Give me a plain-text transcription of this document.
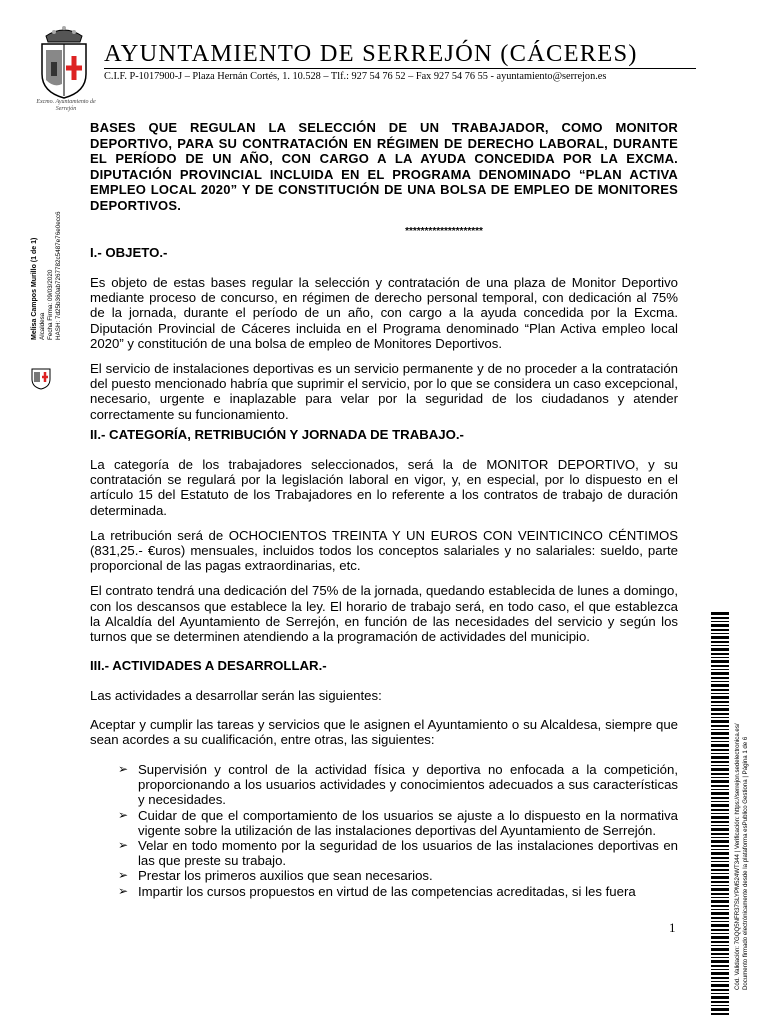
Excmo. Ayuntamiento de Serrejón
AYUNTAMIENTO DE SERREJÓN (CÁCERES)
C.I.F. P-1017900-J – Plaza Hernán Cortés, 1. 10.528 – Tlf.: 927 54 76 52 – Fax 927 54 76 55 - ayuntamiento@serrejon.es
Melisa Campos Murillo (1 de 1) Alcaldesa Fecha Firma: 09/03/2020 HASH: 7d25b360ab7267782c5487e76e0ecc6
Cód. Validación: 7GQQ5NFR37SLYPM524WT344 | Verificación: https://serrejon.sedelectronica.es/ Documento firmado electrónicamente desde la plataforma esPublico Gestiona | Página 1 de 6

BASES QUE REGULAN LA SELECCIÓN DE UN TRABAJADOR, COMO MONITOR DEPORTIVO, PARA SU CONTRATACIÓN EN RÉGIMEN DE DERECHO LABORAL, DURANTE EL PERÍODO DE UN AÑO, CON CARGO A LA AYUDA CONCEDIDA POR LA EXCMA. DIPUTACIÓN PROVINCIAL INCLUIDA EN EL PROGRAMA DENOMINADO “PLAN ACTIVA EMPLEO LOCAL 2020” Y DE CONSTITUCIÓN DE UNA BOLSA DE EMPLEO DE MONITORES DEPORTIVOS.

********************

I.- OBJETO.-

Es objeto de estas bases regular la selección y contratación de una plaza de Monitor Deportivo mediante proceso de concurso, en régimen de derecho personal temporal, con dedicación al 75% de la jornada, durante el período de un año, con cargo a la ayuda concedida por la Excma. Diputación Provincial de Cáceres incluida en el Programa denominado “Plan Activa empleo local 2020” y constitución de una bolsa de empleo de Monitores Deportivos.

El servicio de instalaciones deportivas es un servicio permanente y de no proceder a la contratación del puesto mencionado habría que suprimir el servicio, por lo que se considera un caso excepcional, necesario, urgente e inaplazable para velar por la seguridad de los ciudadanos y atender correctamente su funcionamiento.

II.- CATEGORÍA, RETRIBUCIÓN Y JORNADA DE TRABAJO.-

La categoría de los trabajadores seleccionados, será la de MONITOR DEPORTIVO, y su contratación se regulará por la legislación laboral en vigor, y, en especial, por lo dispuesto en el artículo 15 del Estatuto de los Trabajadores en lo referente a los contratos de trabajo de duración determinada.

La retribución será de OCHOCIENTOS TREINTA Y UN EUROS CON VEINTICINCO CÉNTIMOS (831,25.- €uros) mensuales, incluidos todos los conceptos salariales y no salariales: sueldo, parte proporcional de las pagas extraordinarias, etc.

El contrato tendrá una dedicación del 75% de la jornada, quedando establecida de lunes a domingo, con los descansos que establece la ley. El horario de trabajo será, en todo caso, el que establezca la Alcaldía del Ayuntamiento de Serrejón, en función de las necesidades del servicio y según los turnos que se determinen atendiendo a la programación de actividades del municipio.

III.- ACTIVIDADES A DESARROLLAR.-

Las actividades a desarrollar serán las siguientes:

Aceptar y cumplir las tareas y servicios que le asignen el Ayuntamiento o su Alcaldesa, siempre que sean acordes a su cualificación, entre otras, las siguientes:

➢ Supervisión y control de la actividad física y deportiva no enfocada a la competición, proporcionando a los usuarios actividades y conocimientos adecuados a sus características y necesidades.
➢ Cuidar de que el comportamiento de los usuarios se ajuste a lo dispuesto en la normativa vigente sobre la utilización de las instalaciones deportivas del Ayuntamiento de Serrejón.
➢ Velar en todo momento por la seguridad de los usuarios de las instalaciones deportivas en las que preste su trabajo.
➢ Prestar los primeros auxilios que sean necesarios.
➢ Impartir los cursos propuestos en virtud de las competencias acreditadas, si les fuera
1
